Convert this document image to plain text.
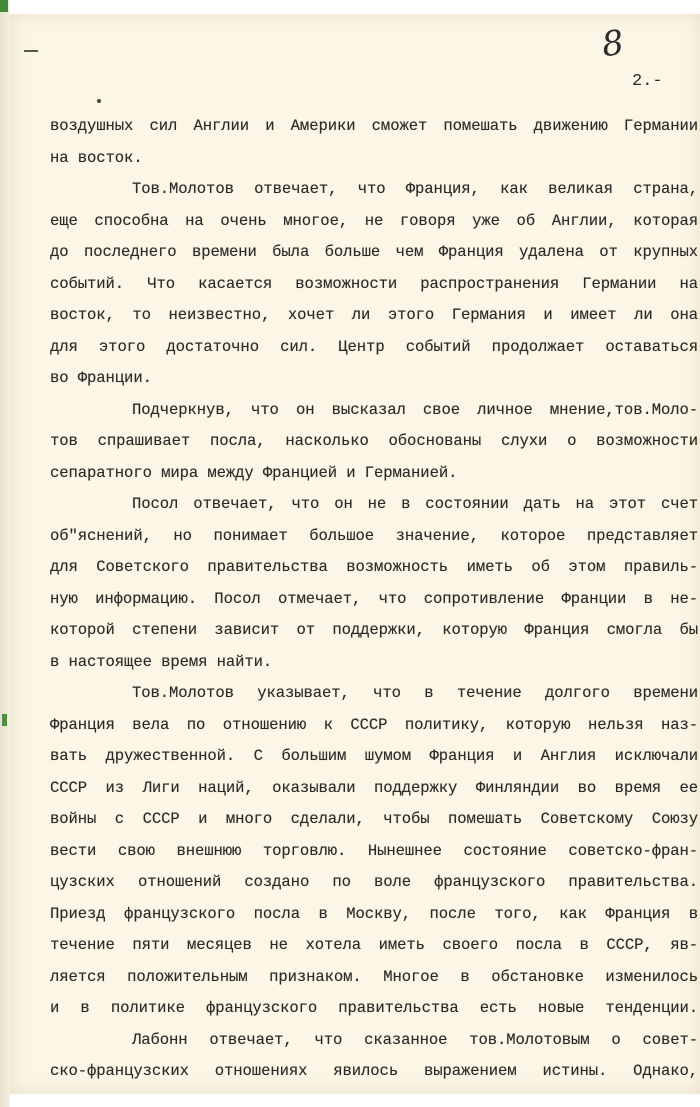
8
2.-
воздушных сил Англии и Америки сможет помешать движению Германии
на восток.
Тов.Молотов отвечает, что Франция, как великая страна,
еще способна на очень многое, не говоря уже об Англии, которая
до последнего времени была больше чем Франция удалена от крупных
событий. Что касается возможности распространения Германии на
восток, то неизвестно, хочет ли этого Германия и имеет ли она
для этого достаточно сил. Центр событий продолжает оставаться
во Франции.
Подчеркнув, что он высказал свое личное мнение,тов.Моло-
тов спрашивает посла, насколько обоснованы слухи о возможности
сепаратного мира между Францией и Германией.
Посол отвечает, что он не в состоянии дать на этот счет
об"яснений, но понимает большое значение, которое представляет
для Советского правительства возможность иметь об этом правиль-
ную информацию. Посол отмечает, что сопротивление Франции в не-
которой степени зависит от поддержки, которую Франция смогла бы
в настоящее время найти.
Тов.Молотов указывает, что в течение долгого времени
Франция вела по отношению к СССР политику, которую нельзя наз-
вать дружественной. С большим шумом Франция и Англия исключали
СССР из Лиги наций, оказывали поддержку Финляндии во время ее
войны с СССР и много сделали, чтобы помешать Советскому Союзу
вести свою внешнюю торговлю. Нынешнее состояние советско-фран-
цузских отношений создано по воле французского правительства.
Приезд французского посла в Москву, после того, как Франция в
течение пяти месяцев не хотела иметь своего посла в СССР, яв-
ляется положительным признаком. Многое в обстановке изменилось
и в политике французского правительства есть новые тенденции.
Лабонн отвечает, что сказанное тов.Молотовым о совет-
ско-французских отношениях явилось выражением истины. Однако,
